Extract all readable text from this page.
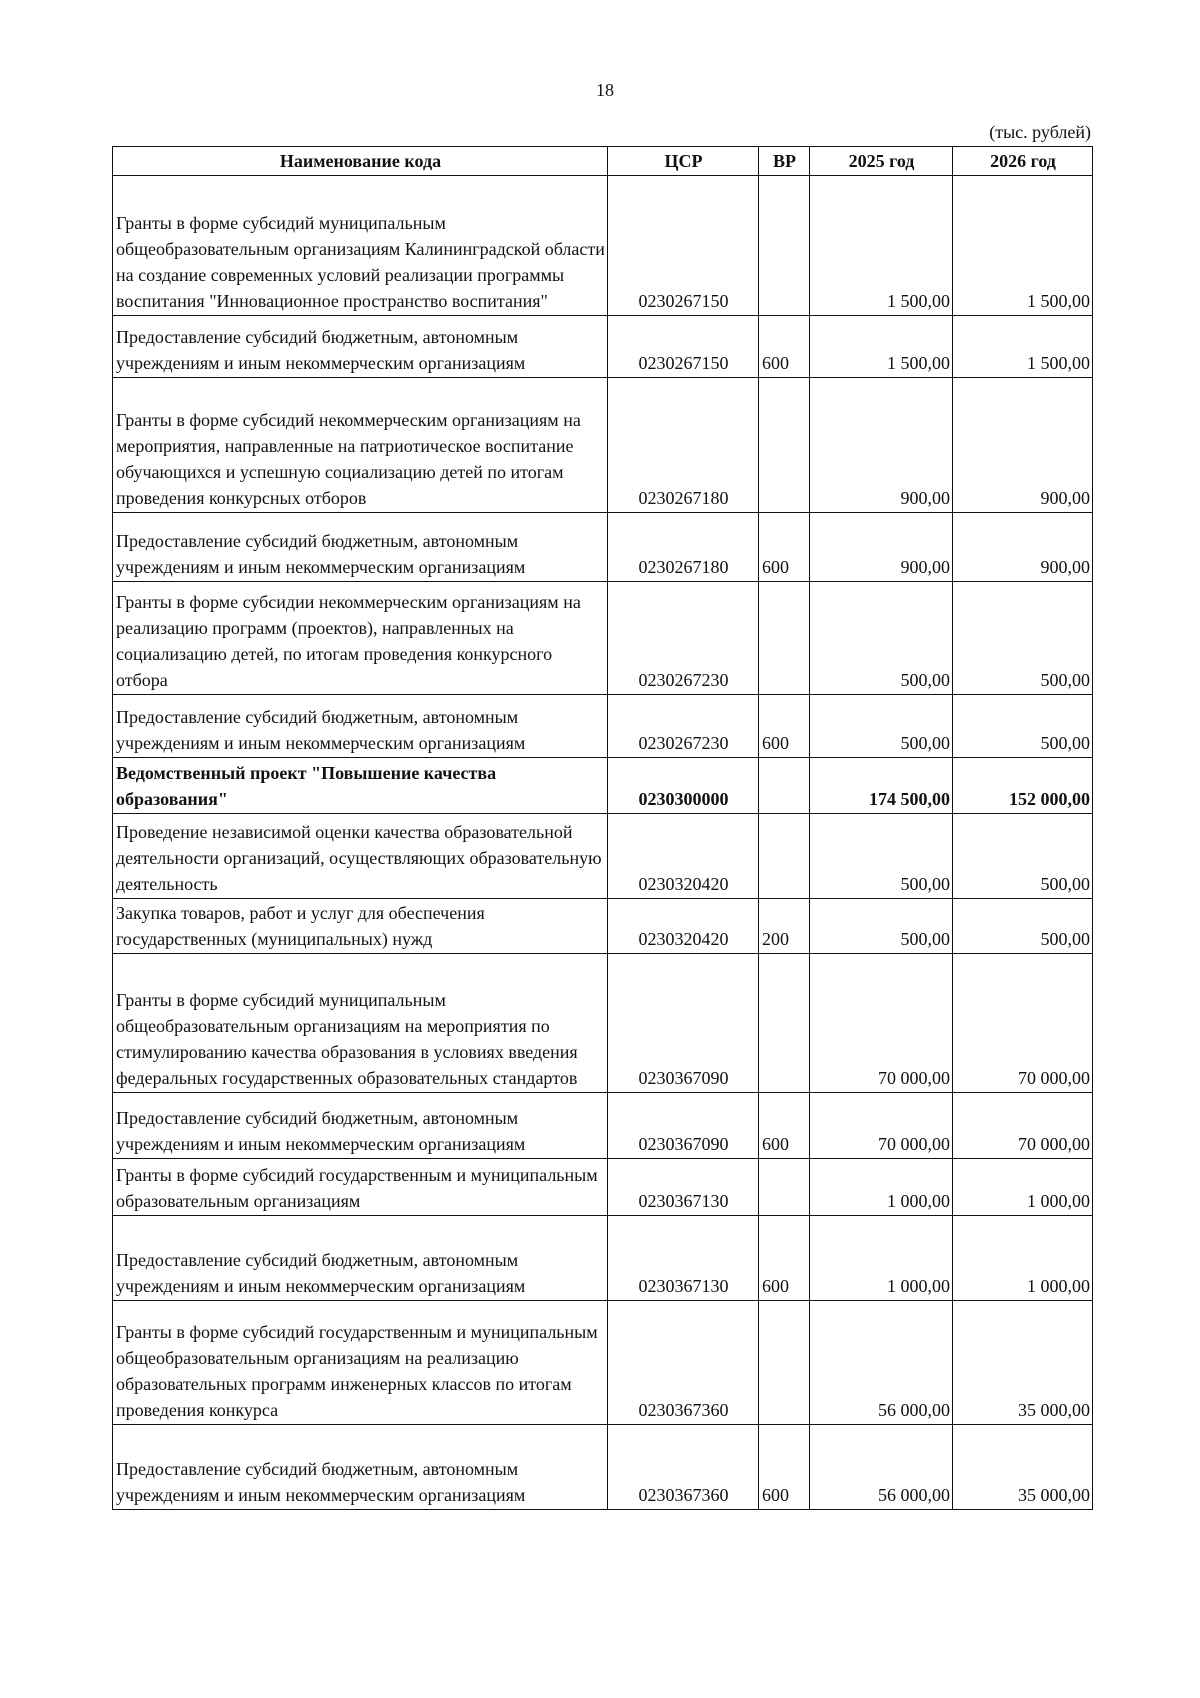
18
(тыс. рублей)
Наименование кода	ЦСР	ВР	2025 год	2026 год
Гранты в форме субсидий муниципальным общеобразовательным организациям Калининградской области на создание современных условий реализации программы воспитания "Инновационное пространство воспитания"	0230267150		1 500,00	1 500,00
Предоставление субсидий бюджетным, автономным учреждениям и иным некоммерческим организациям	0230267150	600	1 500,00	1 500,00
Гранты в форме субсидий некоммерческим организациям на мероприятия, направленные на патриотическое воспитание обучающихся и успешную социализацию детей по итогам проведения конкурсных отборов	0230267180		900,00	900,00
Предоставление субсидий бюджетным, автономным учреждениям и иным некоммерческим организациям	0230267180	600	900,00	900,00
Гранты в форме субсидии некоммерческим организациям на реализацию программ (проектов), направленных на социализацию детей, по итогам проведения конкурсного отбора	0230267230		500,00	500,00
Предоставление субсидий бюджетным, автономным учреждениям и иным некоммерческим организациям	0230267230	600	500,00	500,00
Ведомственный проект "Повышение качества образования"	0230300000		174 500,00	152 000,00
Проведение независимой оценки качества образовательной деятельности организаций, осуществляющих образовательную деятельность	0230320420		500,00	500,00
Закупка товаров, работ и услуг для обеспечения государственных (муниципальных) нужд	0230320420	200	500,00	500,00
Гранты в форме субсидий муниципальным общеобразовательным организациям на мероприятия по стимулированию качества образования в условиях введения федеральных государственных образовательных стандартов	0230367090		70 000,00	70 000,00
Предоставление субсидий бюджетным, автономным учреждениям и иным некоммерческим организациям	0230367090	600	70 000,00	70 000,00
Гранты в форме субсидий государственным и муниципальным образовательным организациям	0230367130		1 000,00	1 000,00
Предоставление субсидий бюджетным, автономным учреждениям и иным некоммерческим организациям	0230367130	600	1 000,00	1 000,00
Гранты в форме субсидий государственным и муниципальным общеобразовательным организациям на реализацию образовательных программ инженерных классов по итогам проведения конкурса	0230367360		56 000,00	35 000,00
Предоставление субсидий бюджетным, автономным учреждениям и иным некоммерческим организациям	0230367360	600	56 000,00	35 000,00
